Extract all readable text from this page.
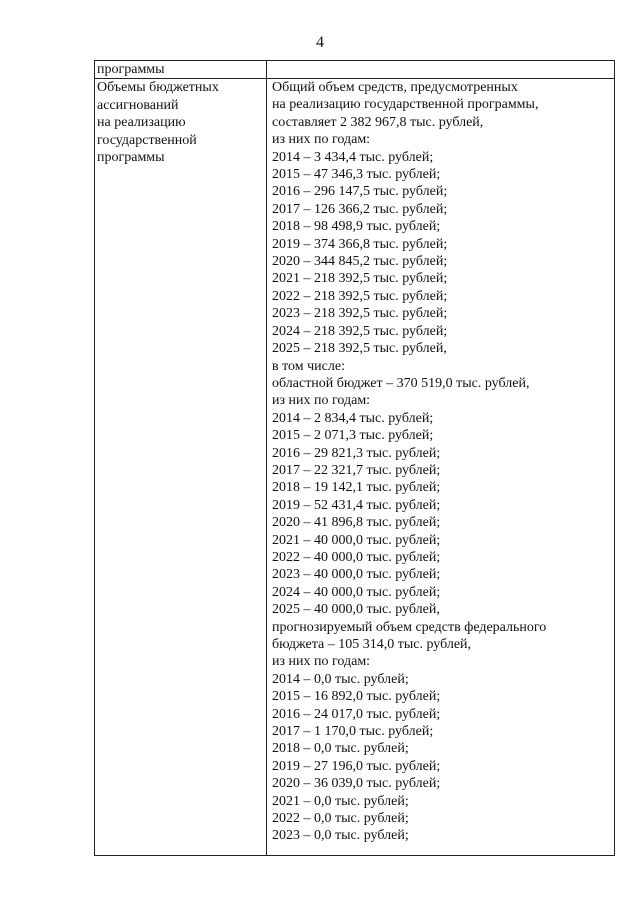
4
программы
Объемы бюджетных
ассигнований
на реализацию
государственной
программы
Общий объем средств, предусмотренных
на реализацию государственной программы,
составляет 2 382 967,8 тыс. рублей,
из них по годам:
2014 – 3 434,4 тыс. рублей;
2015 – 47 346,3 тыс. рублей;
2016 – 296 147,5 тыс. рублей;
2017 – 126 366,2 тыс. рублей;
2018 – 98 498,9 тыс. рублей;
2019 – 374 366,8 тыс. рублей;
2020 – 344 845,2 тыс. рублей;
2021 – 218 392,5 тыс. рублей;
2022 – 218 392,5 тыс. рублей;
2023 – 218 392,5 тыс. рублей;
2024 – 218 392,5 тыс. рублей;
2025 – 218 392,5 тыс. рублей,
в том числе:
областной бюджет – 370 519,0 тыс. рублей,
из них по годам:
2014 – 2 834,4 тыс. рублей;
2015 – 2 071,3 тыс. рублей;
2016 – 29 821,3 тыс. рублей;
2017 – 22 321,7 тыс. рублей;
2018 – 19 142,1 тыс. рублей;
2019 – 52 431,4 тыс. рублей;
2020 – 41 896,8 тыс. рублей;
2021 – 40 000,0 тыс. рублей;
2022 – 40 000,0 тыс. рублей;
2023 – 40 000,0 тыс. рублей;
2024 – 40 000,0 тыс. рублей;
2025 – 40 000,0 тыс. рублей,
прогнозируемый объем средств федерального
бюджета – 105 314,0 тыс. рублей,
из них по годам:
2014 – 0,0 тыс. рублей;
2015 – 16 892,0 тыс. рублей;
2016 – 24 017,0 тыс. рублей;
2017 – 1 170,0 тыс. рублей;
2018 – 0,0 тыс. рублей;
2019 – 27 196,0 тыс. рублей;
2020 – 36 039,0 тыс. рублей;
2021 – 0,0 тыс. рублей;
2022 – 0,0 тыс. рублей;
2023 – 0,0 тыс. рублей;
